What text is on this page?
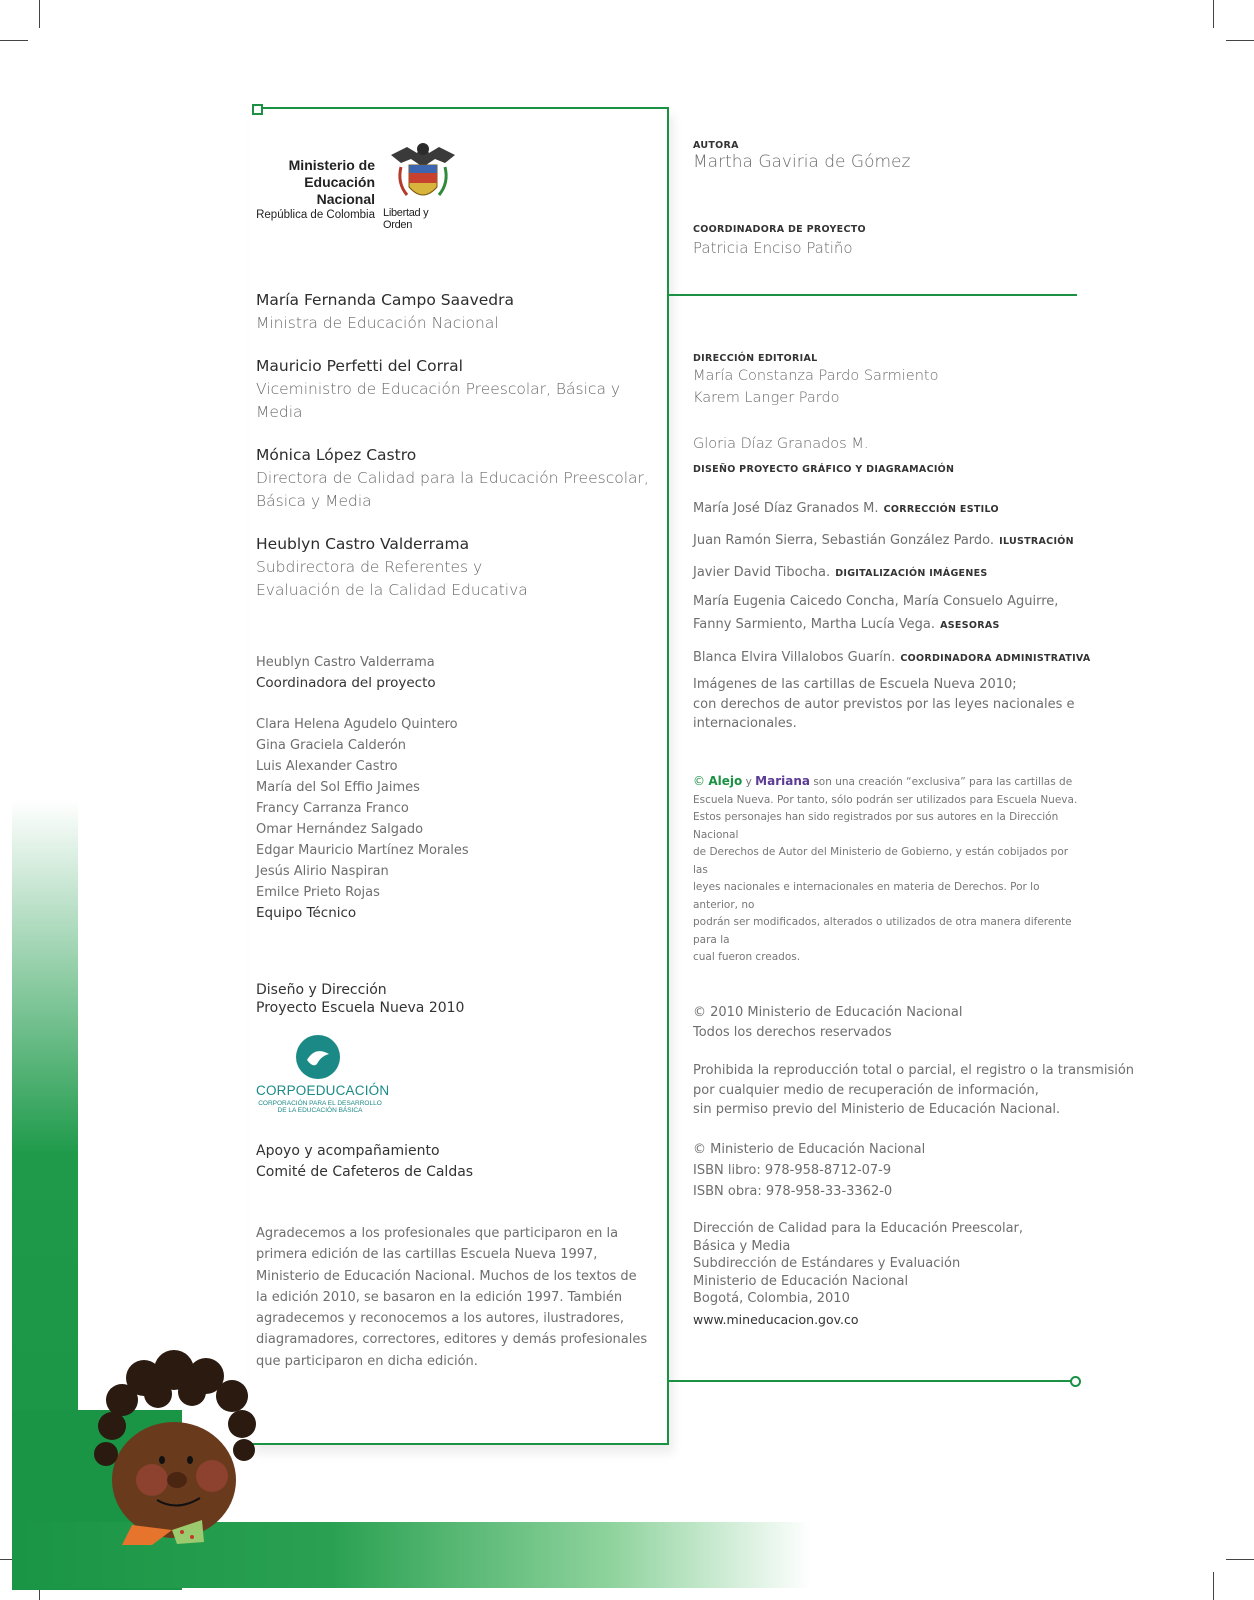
Ministerio de
Educación Nacional
República de Colombia Libertad y Orden
María Fernanda Campo Saavedra
Ministra de Educación Nacional
Mauricio Perfetti del Corral
Viceministro de Educación Preescolar, Básica y Media
Mónica López Castro
Directora de Calidad para la Educación Preescolar,
Básica y Media
Heublyn Castro Valderrama
Subdirectora de Referentes y
Evaluación de la Calidad Educativa
Heublyn Castro Valderrama
Coordinadora del proyecto
Clara Helena Agudelo Quintero
Gina Graciela Calderón
Luis Alexander Castro
María del Sol Effio Jaimes
Francy Carranza Franco
Omar Hernández Salgado
Edgar Mauricio Martínez Morales
Jesús Alirio Naspiran
Emilce Prieto Rojas
Equipo Técnico
Diseño y Dirección
Proyecto Escuela Nueva 2010
CORPOEDUCACIÓN
CORPORACIÓN PARA EL DESARROLLO
DE LA EDUCACIÓN BÁSICA
Apoyo y acompañamiento
Comité de Cafeteros de Caldas
Agradecemos a los profesionales que participaron en la
primera edición de las cartillas Escuela Nueva 1997,
Ministerio de Educación Nacional. Muchos de los textos de
la edición 2010, se basaron en la edición 1997. También
agradecemos y reconocemos a los autores, ilustradores,
diagramadores, correctores, editores y demás profesionales
que participaron en dicha edición.
AUTORA
Martha Gaviria de Gómez
COORDINADORA DE PROYECTO
Patricia Enciso Patiño
DIRECCIÓN EDITORIAL
María Constanza Pardo Sarmiento
Karem Langer Pardo
Gloria Díaz Granados M.
DISEÑO PROYECTO GRÁFICO Y DIAGRAMACIÓN
María José Díaz Granados M. CORRECCIÓN ESTILO
Juan Ramón Sierra, Sebastián González Pardo. ILUSTRACIÓN
Javier David Tibocha. DIGITALIZACIÓN IMÁGENES
María Eugenia Caicedo Concha, María Consuelo Aguirre,
Fanny Sarmiento, Martha Lucía Vega. ASESORAS
Blanca Elvira Villalobos Guarín. COORDINADORA ADMINISTRATIVA
Imágenes de las cartillas de Escuela Nueva 2010;
con derechos de autor previstos por las leyes nacionales e
internacionales.
© Alejo y Mariana son una creación “exclusiva” para las cartillas de
Escuela Nueva. Por tanto, sólo podrán ser utilizados para Escuela Nueva.
Estos personajes han sido registrados por sus autores en la Dirección Nacional
de Derechos de Autor del Ministerio de Gobierno, y están cobijados por las
leyes nacionales e internacionales en materia de Derechos. Por lo anterior, no
podrán ser modificados, alterados o utilizados de otra manera diferente para la
cual fueron creados.
© 2010 Ministerio de Educación Nacional
Todos los derechos reservados
Prohibida la reproducción total o parcial, el registro o la transmisión
por cualquier medio de recuperación de información,
sin permiso previo del Ministerio de Educación Nacional.
© Ministerio de Educación Nacional
ISBN libro: 978-958-8712-07-9
ISBN obra: 978-958-33-3362-0
Dirección de Calidad para la Educación Preescolar,
Básica y Media
Subdirección de Estándares y Evaluación
Ministerio de Educación Nacional
Bogotá, Colombia, 2010
www.mineducacion.gov.co
